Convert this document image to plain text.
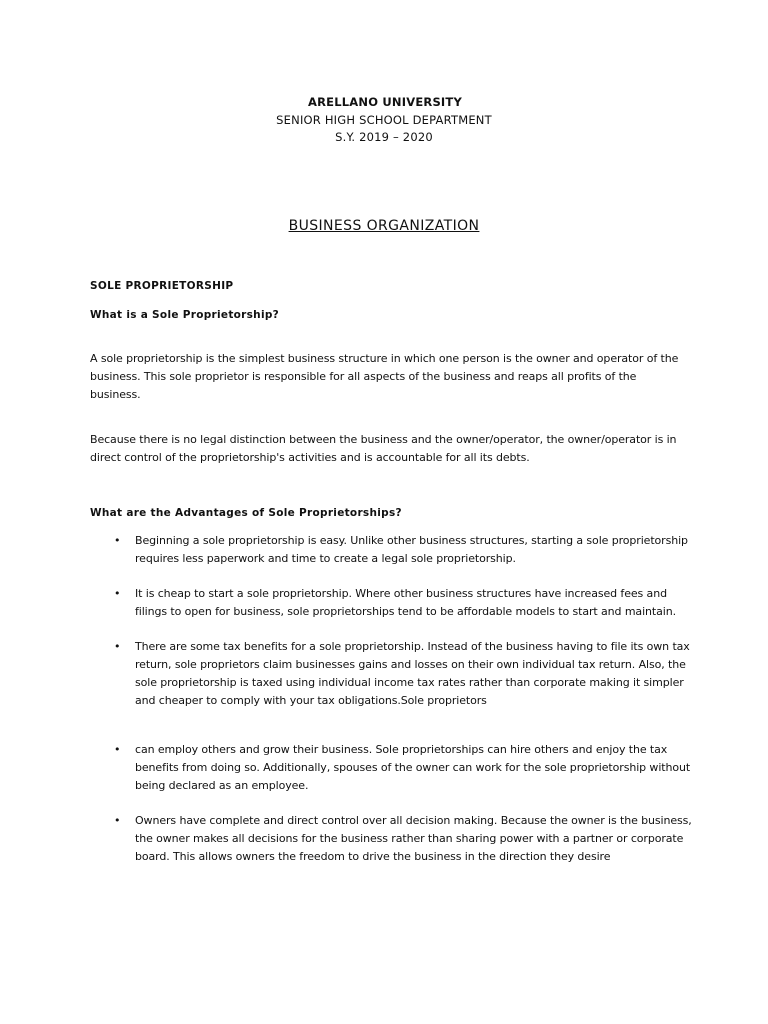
ARELLANO UNIVERSITY
SENIOR HIGH SCHOOL DEPARTMENT
S.Y. 2019 – 2020
BUSINESS ORGANIZATION
SOLE PROPRIETORSHIP
What is a Sole Proprietorship?
A sole proprietorship is the simplest business structure in which one person is the owner and operator of the business. This sole proprietor is responsible for all aspects of the business and reaps all profits of the business.
Because there is no legal distinction between the business and the owner/operator, the owner/operator is in direct control of the proprietorship's activities and is accountable for all its debts.
What are the Advantages of Sole Proprietorships?
• Beginning a sole proprietorship is easy. Unlike other business structures, starting a sole proprietorship requires less paperwork and time to create a legal sole proprietorship.
• It is cheap to start a sole proprietorship. Where other business structures have increased fees and filings to open for business, sole proprietorships tend to be affordable models to start and maintain.
• There are some tax benefits for a sole proprietorship. Instead of the business having to file its own tax return, sole proprietors claim businesses gains and losses on their own individual tax return. Also, the sole proprietorship is taxed using individual income tax rates rather than corporate making it simpler and cheaper to comply with your tax obligations.Sole proprietors
• can employ others and grow their business. Sole proprietorships can hire others and enjoy the tax benefits from doing so. Additionally, spouses of the owner can work for the sole proprietorship without being declared as an employee.
• Owners have complete and direct control over all decision making. Because the owner is the business, the owner makes all decisions for the business rather than sharing power with a partner or corporate board. This allows owners the freedom to drive the business in the direction they desire
